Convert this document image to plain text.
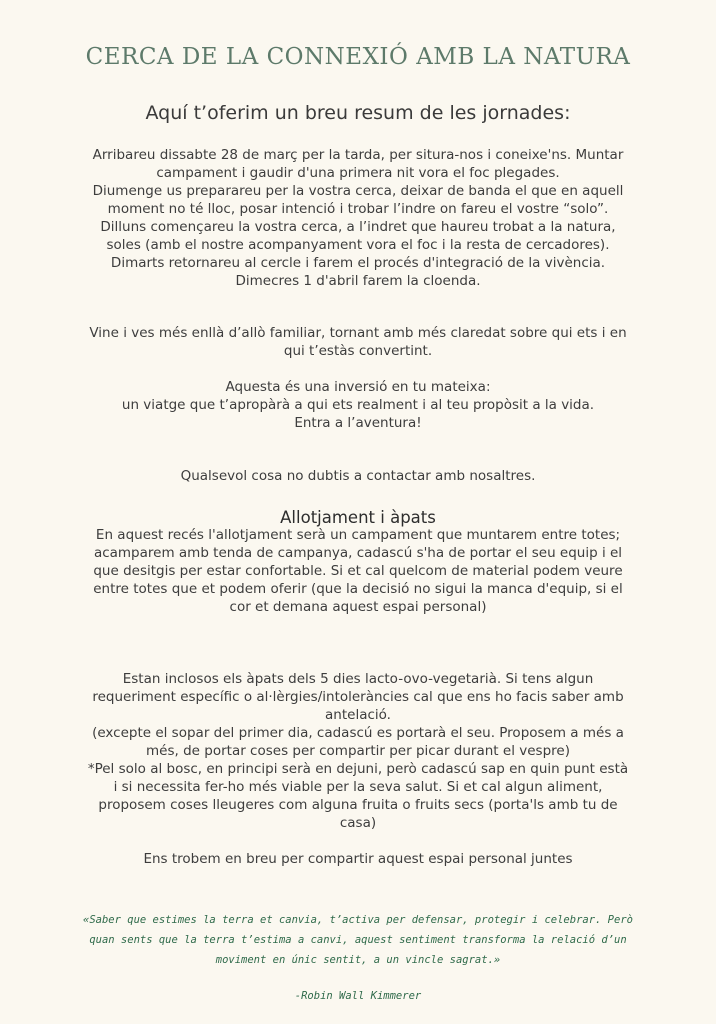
CERCA DE LA CONNEXIÓ AMB LA NATURA
Aquí t’oferim un breu resum de les jornades:

Arribareu dissabte 28 de març per la tarda, per situra-nos i coneixe'ns. Muntar

campament i gaudir d'una primera nit vora el foc plegades.

Diumenge us preparareu per la vostra cerca, deixar de banda el que en aquell

moment no té lloc, posar intenció i trobar l’indre on fareu el vostre “solo”.

Dilluns començareu la vostra cerca, a l’indret que haureu trobat a la natura,

soles (amb el nostre acompanyament vora el foc i la resta de cercadores).

Dimarts retornareu al cercle i farem el procés d'integració de la vivència.

Dimecres 1 d'abril farem la cloenda.

Vine i ves més enllà d’allò familiar, tornant amb més claredat sobre qui ets i en

qui t’estàs convertint.

Aquesta és una inversió en tu mateixa:

un viatge que t’apropàrà a qui ets realment i al teu propòsit a la vida.

Entra a l’aventura!

Qualsevol cosa no dubtis a contactar amb nosaltres.

Allotjament i àpats

En aquest recés l'allotjament serà un campament que muntarem entre totes;

acamparem amb tenda de campanya, cadascú s'ha de portar el seu equip i el

que desitgis per estar confortable. Si et cal quelcom de material podem veure

entre totes que et podem oferir (que la decisió no sigui la manca d'equip, si el

cor et demana aquest espai personal)

Estan inclosos els àpats dels 5 dies lacto-ovo-vegetarià. Si tens algun

requeriment específic o al·lèrgies/intoleràncies cal que ens ho facis saber amb

antelació.

(excepte el sopar del primer dia, cadascú es portarà el seu. Proposem a més a

més, de portar coses per compartir per picar durant el vespre)

*Pel solo al bosc, en principi serà en dejuni, però cadascú sap en quin punt està

i si necessita fer-ho més viable per la seva salut. Si et cal algun aliment,

proposem coses lleugeres com alguna fruita o fruits secs (porta'ls amb tu de

casa)

Ens trobem en breu per compartir aquest espai personal juntes

«Saber que estimes la terra et canvia, t’activa per defensar, protegir i celebrar. Però
quan sents que la terra t’estima a canvi, aquest sentiment transforma la relació d’un
moviment en únic sentit, a un vincle sagrat.»
-Robin Wall Kimmerer
